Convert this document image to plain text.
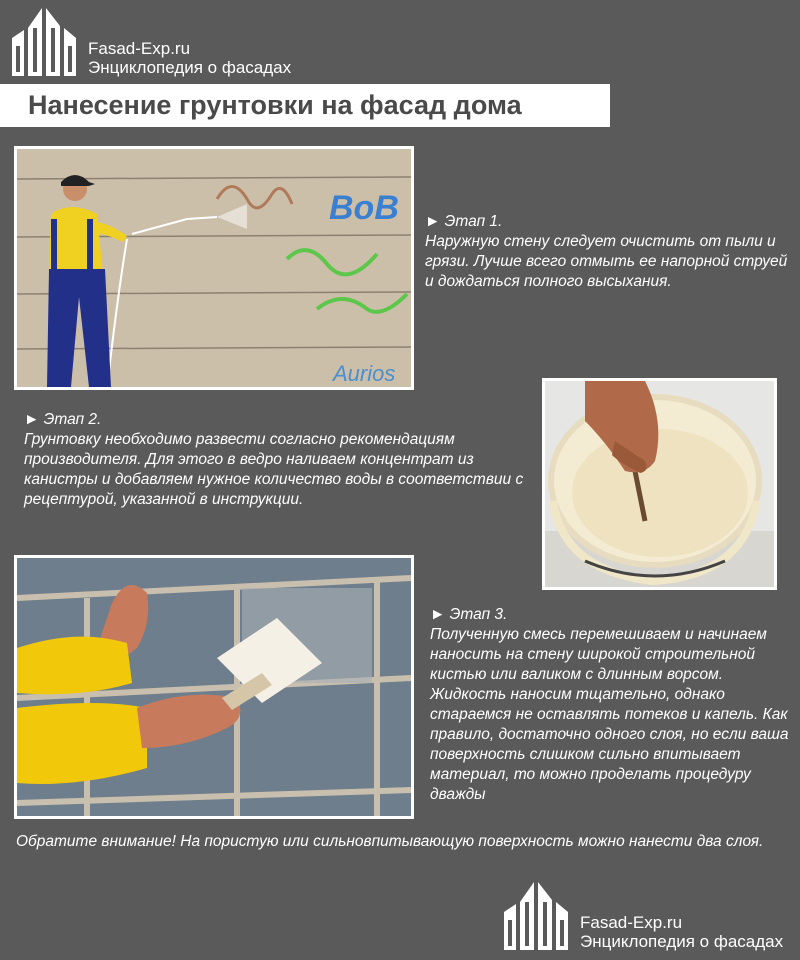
Fasad-Exp.ru
Энциклопедия о фасадах
Нанесение грунтовки на фасад дома
BoB
Aurios

► Этап 1.

Наружную стену следует очистить от пыли и грязи. Лучше всего отмыть ее напорной струей и дождаться полного высыхания.

► Этап 2.

Грунтовку необходимо развести согласно рекомендациям производителя. Для этого в ведро наливаем концентрат из канистры и добавляем нужное количество воды в соответствии с рецептурой, указанной в инструкции.

► Этап 3.

Полученную смесь перемешиваем и начинаем наносить на стену широкой строительной кистью или валиком с длинным ворсом. Жидкость наносим тщательно, однако стараемся не оставлять потеков и капель. Как правило, достаточно одного слоя, но если ваша поверхность слишком сильно впитывает материал, то можно проделать процедуру дважды

Обратите внимание! На пористую или сильновпитывающую поверхность можно нанести два слоя.

Fasad-Exp.ru
Энциклопедия о фасадах
